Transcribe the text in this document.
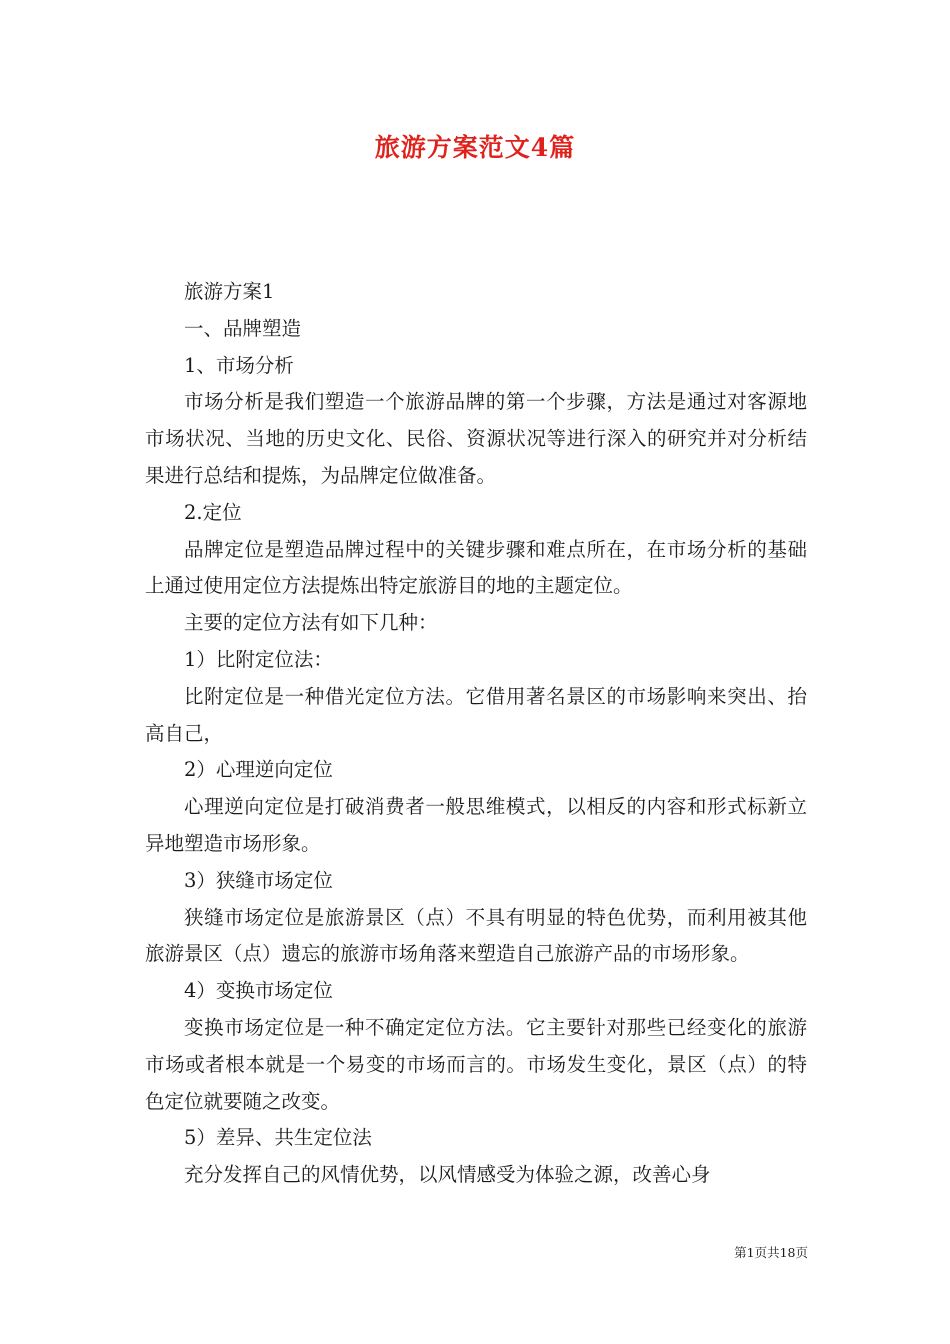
旅游方案范文4篇

旅游方案1

一、品牌塑造

1、市场分析

市场分析是我们塑造一个旅游品牌的第一个步骤，方法是通过对客源地市场状况、当地的历史文化、民俗、资源状况等进行深入的研究并对分析结果进行总结和提炼，为品牌定位做准备。

2.定位

品牌定位是塑造品牌过程中的关键步骤和难点所在，在市场分析的基础上通过使用定位方法提炼出特定旅游目的地的主题定位。

主要的定位方法有如下几种：

1）比附定位法：

比附定位是一种借光定位方法。它借用著名景区的市场影响来突出、抬高自己，

2）心理逆向定位

心理逆向定位是打破消费者一般思维模式，以相反的内容和形式标新立异地塑造市场形象。

3）狭缝市场定位

狭缝市场定位是旅游景区（点）不具有明显的特色优势，而利用被其他旅游景区（点）遗忘的旅游市场角落来塑造自己旅游产品的市场形象。

4）变换市场定位

变换市场定位是一种不确定定位方法。它主要针对那些已经变化的旅游市场或者根本就是一个易变的市场而言的。市场发生变化，景区（点）的特色定位就要随之改变。

5）差异、共生定位法

充分发挥自己的风情优势，以风情感受为体验之源，改善心身

第1页共18页
